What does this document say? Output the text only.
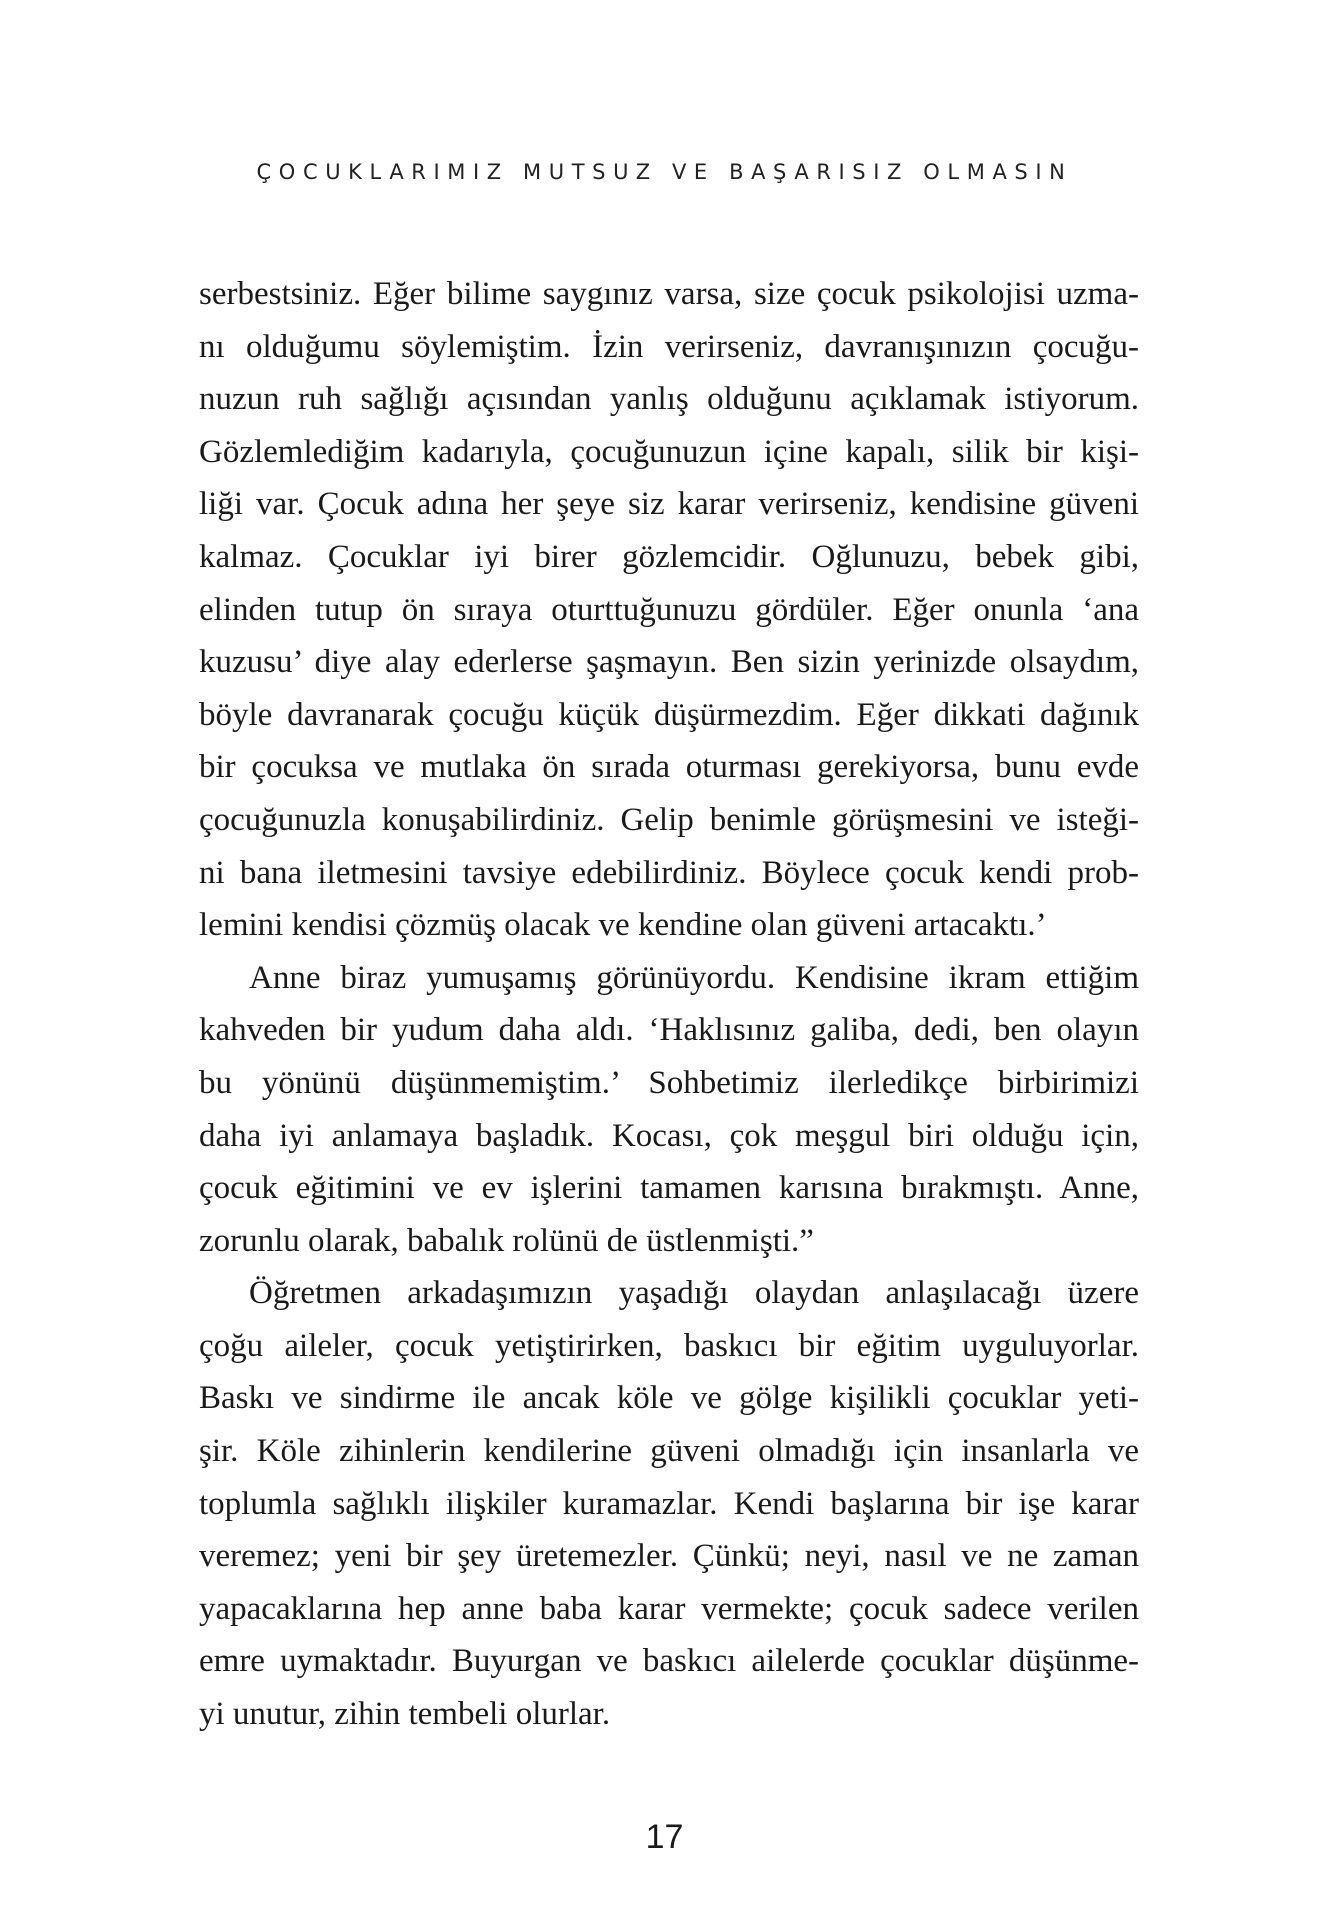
ÇOCUKLARIMIZ MUTSUZ VE BAŞARISIZ OLMASIN
serbestsiniz. Eğer bilime saygınız varsa, size çocuk psikolojisi uzma-
nı olduğumu söylemiştim. İzin verirseniz, davranışınızın çocuğu-
nuzun ruh sağlığı açısından yanlış olduğunu açıklamak istiyorum.
Gözlemlediğim kadarıyla, çocuğunuzun içine kapalı, silik bir kişi-
liği var. Çocuk adına her şeye siz karar verirseniz, kendisine güveni
kalmaz. Çocuklar iyi birer gözlemcidir. Oğlunuzu, bebek gibi,
elinden tutup ön sıraya oturttuğunuzu gördüler. Eğer onunla ‘ana
kuzusu’ diye alay ederlerse şaşmayın. Ben sizin yerinizde olsaydım,
böyle davranarak çocuğu küçük düşürmezdim. Eğer dikkati dağınık
bir çocuksa ve mutlaka ön sırada oturması gerekiyorsa, bunu evde
çocuğunuzla konuşabilirdiniz. Gelip benimle görüşmesini ve isteği-
ni bana iletmesini tavsiye edebilirdiniz. Böylece çocuk kendi prob-
lemini kendisi çözmüş olacak ve kendine olan güveni artacaktı.’
Anne biraz yumuşamış görünüyordu. Kendisine ikram ettiğim
kahveden bir yudum daha aldı. ‘Haklısınız galiba, dedi, ben olayın
bu yönünü düşünmemiştim.’ Sohbetimiz ilerledikçe birbirimizi
daha iyi anlamaya başladık. Kocası, çok meşgul biri olduğu için,
çocuk eğitimini ve ev işlerini tamamen karısına bırakmıştı. Anne,
zorunlu olarak, babalık rolünü de üstlenmişti.”
Öğretmen arkadaşımızın yaşadığı olaydan anlaşılacağı üzere
çoğu aileler, çocuk yetiştirirken, baskıcı bir eğitim uyguluyorlar.
Baskı ve sindirme ile ancak köle ve gölge kişilikli çocuklar yeti-
şir. Köle zihinlerin kendilerine güveni olmadığı için insanlarla ve
toplumla sağlıklı ilişkiler kuramazlar. Kendi başlarına bir işe karar
veremez; yeni bir şey üretemezler. Çünkü; neyi, nasıl ve ne zaman
yapacaklarına hep anne baba karar vermekte; çocuk sadece verilen
emre uymaktadır. Buyurgan ve baskıcı ailelerde çocuklar düşünme-
yi unutur, zihin tembeli olurlar.
17
